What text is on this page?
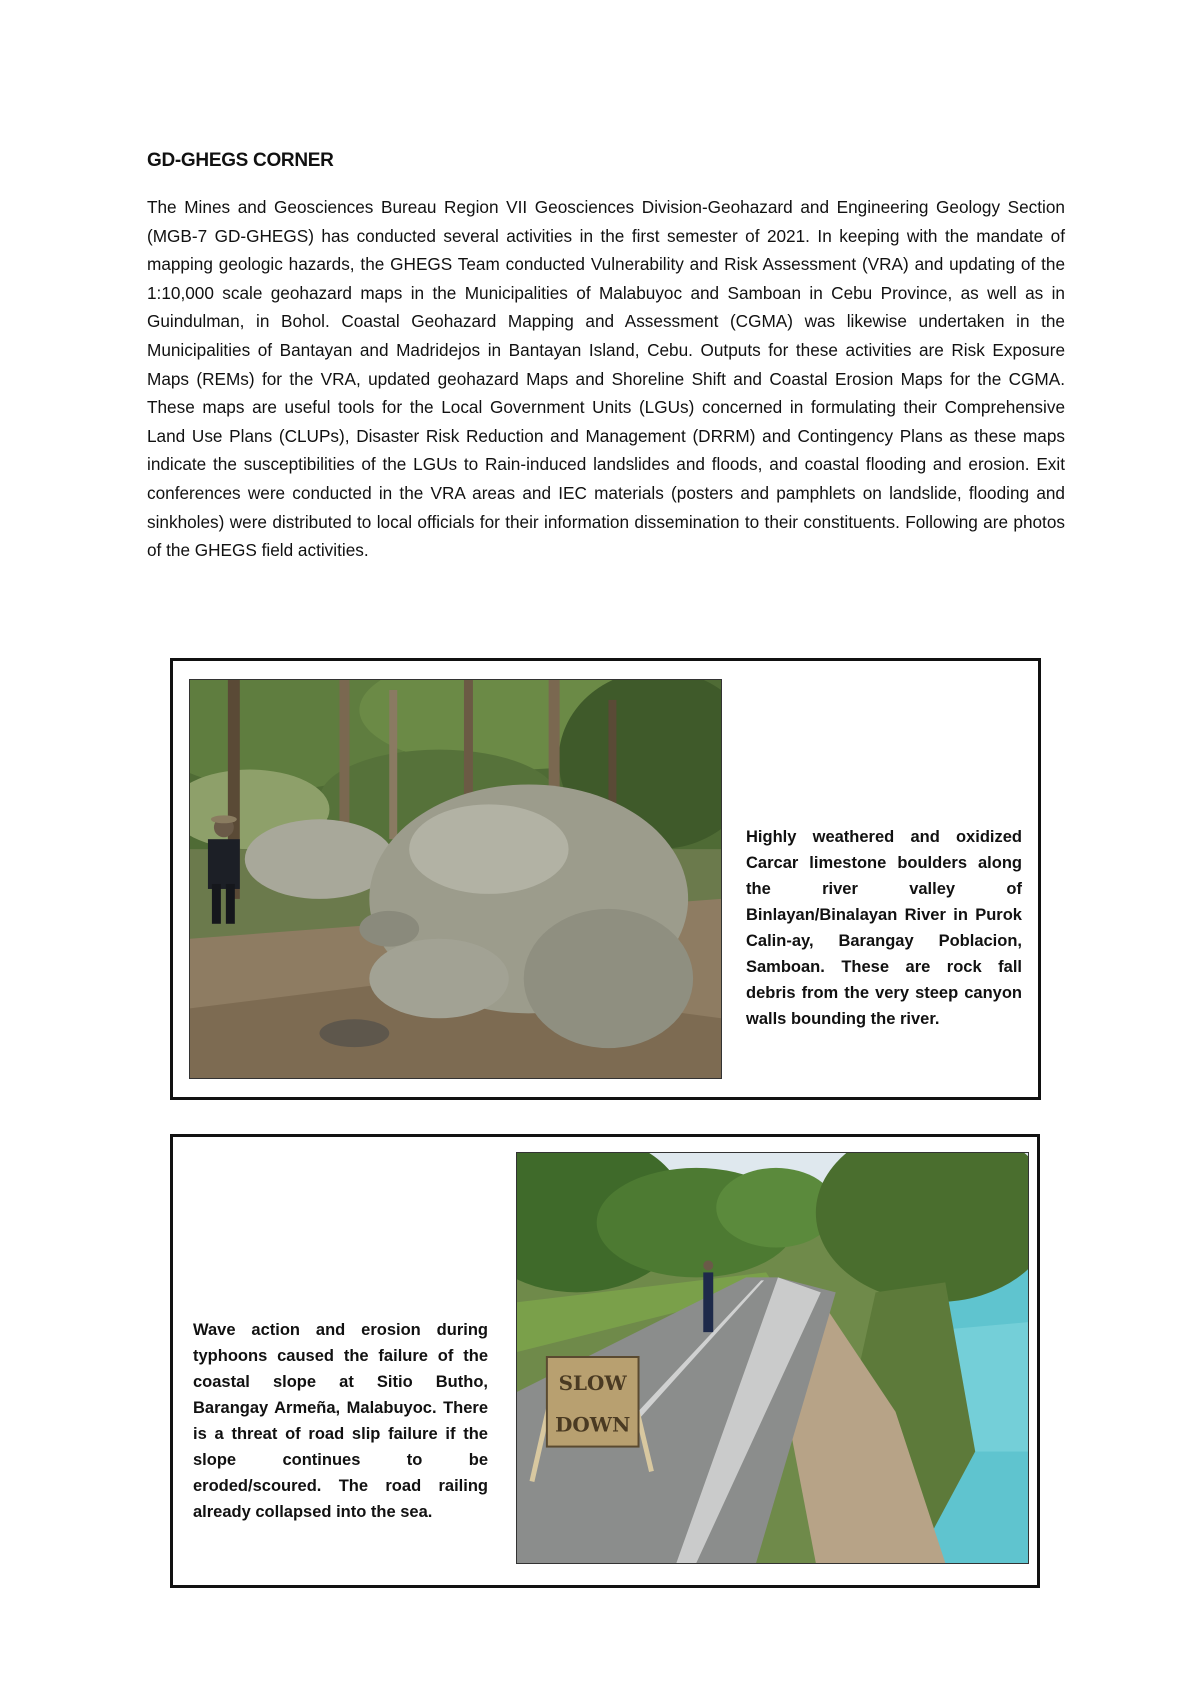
GD-GHEGS CORNER
The Mines and Geosciences Bureau Region VII Geosciences Division-Geohazard and Engineering Geology Section (MGB-7 GD-GHEGS) has conducted several activities in the first semester of 2021. In keeping with the mandate of mapping geologic hazards, the GHEGS Team conducted Vulnerability and Risk Assessment (VRA) and updating of the 1:10,000 scale geohazard maps in the Municipalities of Malabuyoc and Samboan in Cebu Province, as well as in Guindulman, in Bohol. Coastal Geohazard Mapping and Assessment (CGMA) was likewise undertaken in the Municipalities of Bantayan and Madridejos in Bantayan Island, Cebu. Outputs for these activities are Risk Exposure Maps (REMs) for the VRA, updated geohazard Maps and Shoreline Shift and Coastal Erosion Maps for the CGMA. These maps are useful tools for the Local Government Units (LGUs) concerned in formulating their Comprehensive Land Use Plans (CLUPs), Disaster Risk Reduction and Management (DRRM) and Contingency Plans as these maps indicate the susceptibilities of the LGUs to Rain-induced landslides and floods, and coastal flooding and erosion. Exit conferences were conducted in the VRA areas and IEC materials (posters and pamphlets on landslide, flooding and sinkholes) were distributed to local officials for their information dissemination to their constituents. Following are photos of the GHEGS field activities.
Highly weathered and oxidized Carcar limestone boulders along the river valley of Binlayan/Binalayan River in Purok Calin-ay, Barangay Poblacion, Samboan. These are rock fall debris from the very steep canyon walls bounding the river.
Wave action and erosion during typhoons caused the failure of the coastal slope at Sitio Butho, Barangay Armeña, Malabuyoc. There is a threat of road slip failure if the slope continues to be eroded/scoured. The road railing already collapsed into the sea.
SLOW
DOWN
